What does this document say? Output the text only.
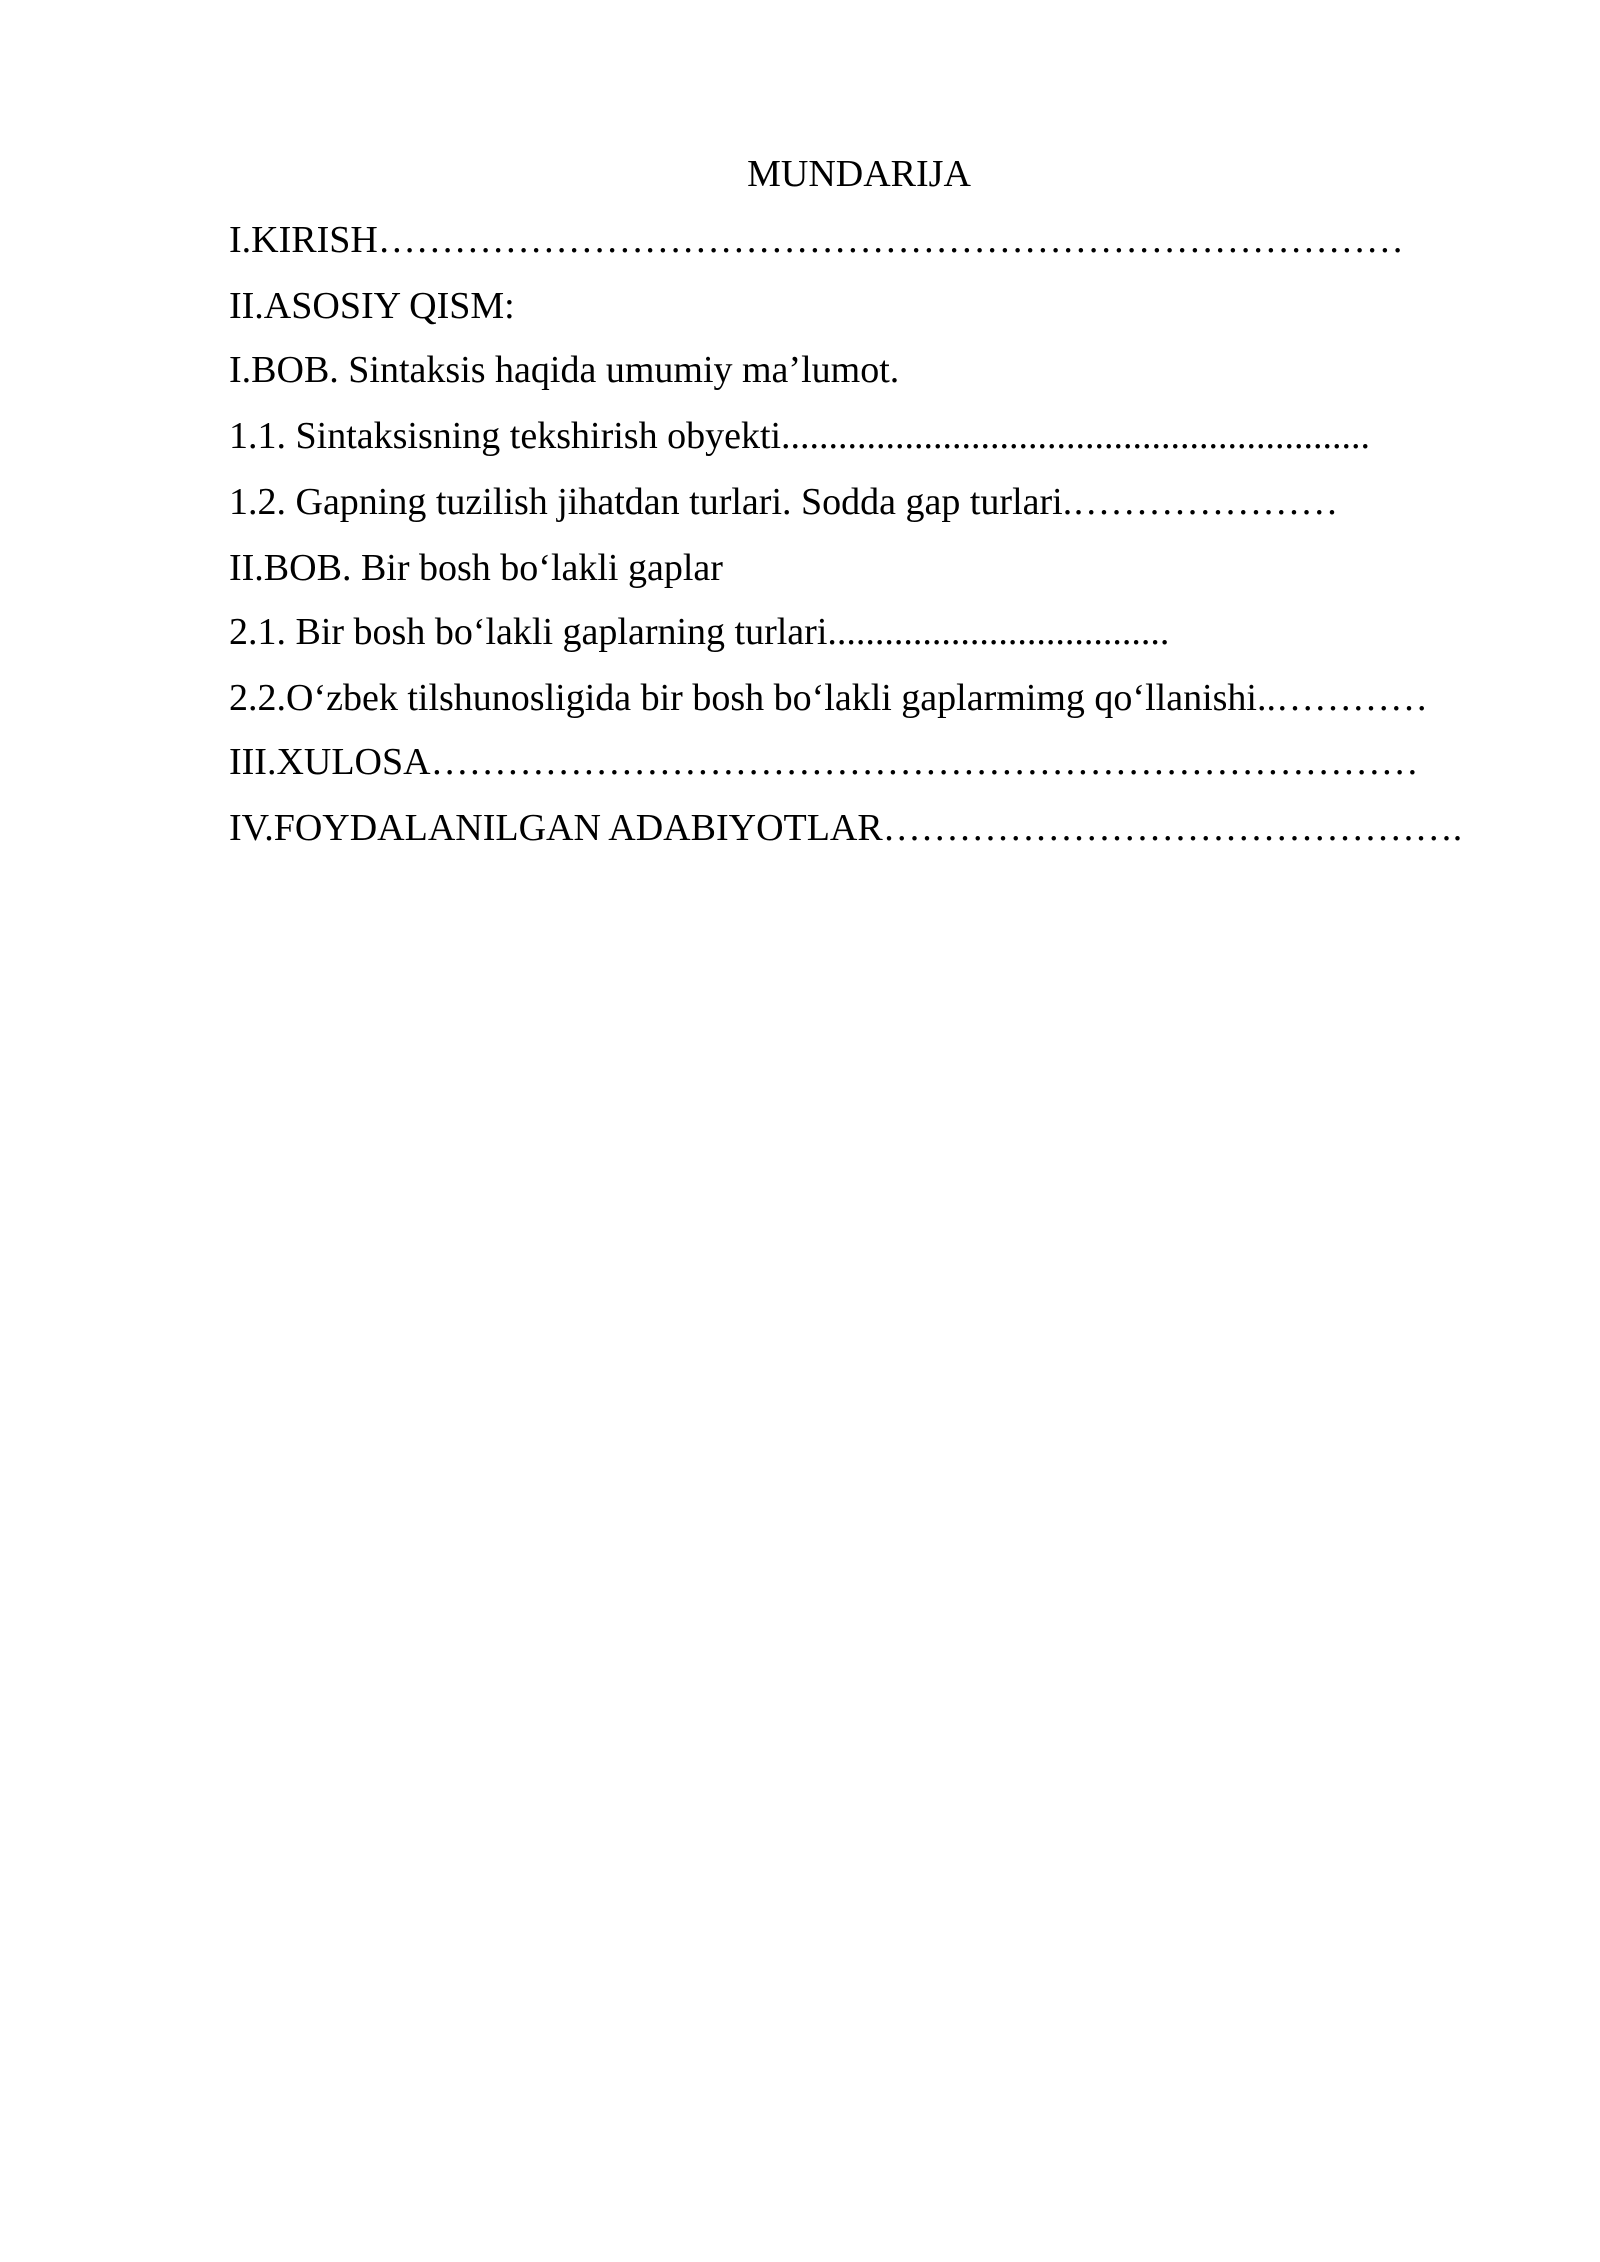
MUNDARIJA
I.KIRISH………………………………………………………………………
II.ASOSIY QISM:
I.BOB. Sintaksis haqida umumiy ma’lumot.
1.1. Sintaksisning tekshirish obyekti..............................................................
1.2. Gapning tuzilish jihatdan turlari. Sodda gap turlari.…………………
II.BOB. Bir bosh bo‘lakli gaplar
2.1. Bir bosh bo‘lakli gaplarning turlari....................................
2.2.O‘zbek tilshunosligida bir bosh bo‘lakli gaplarmimg qo‘llanishi..…………
III.XULOSA……………………………………………………………………
IV.FOYDALANILGAN ADABIYOTLAR……………………………………….
